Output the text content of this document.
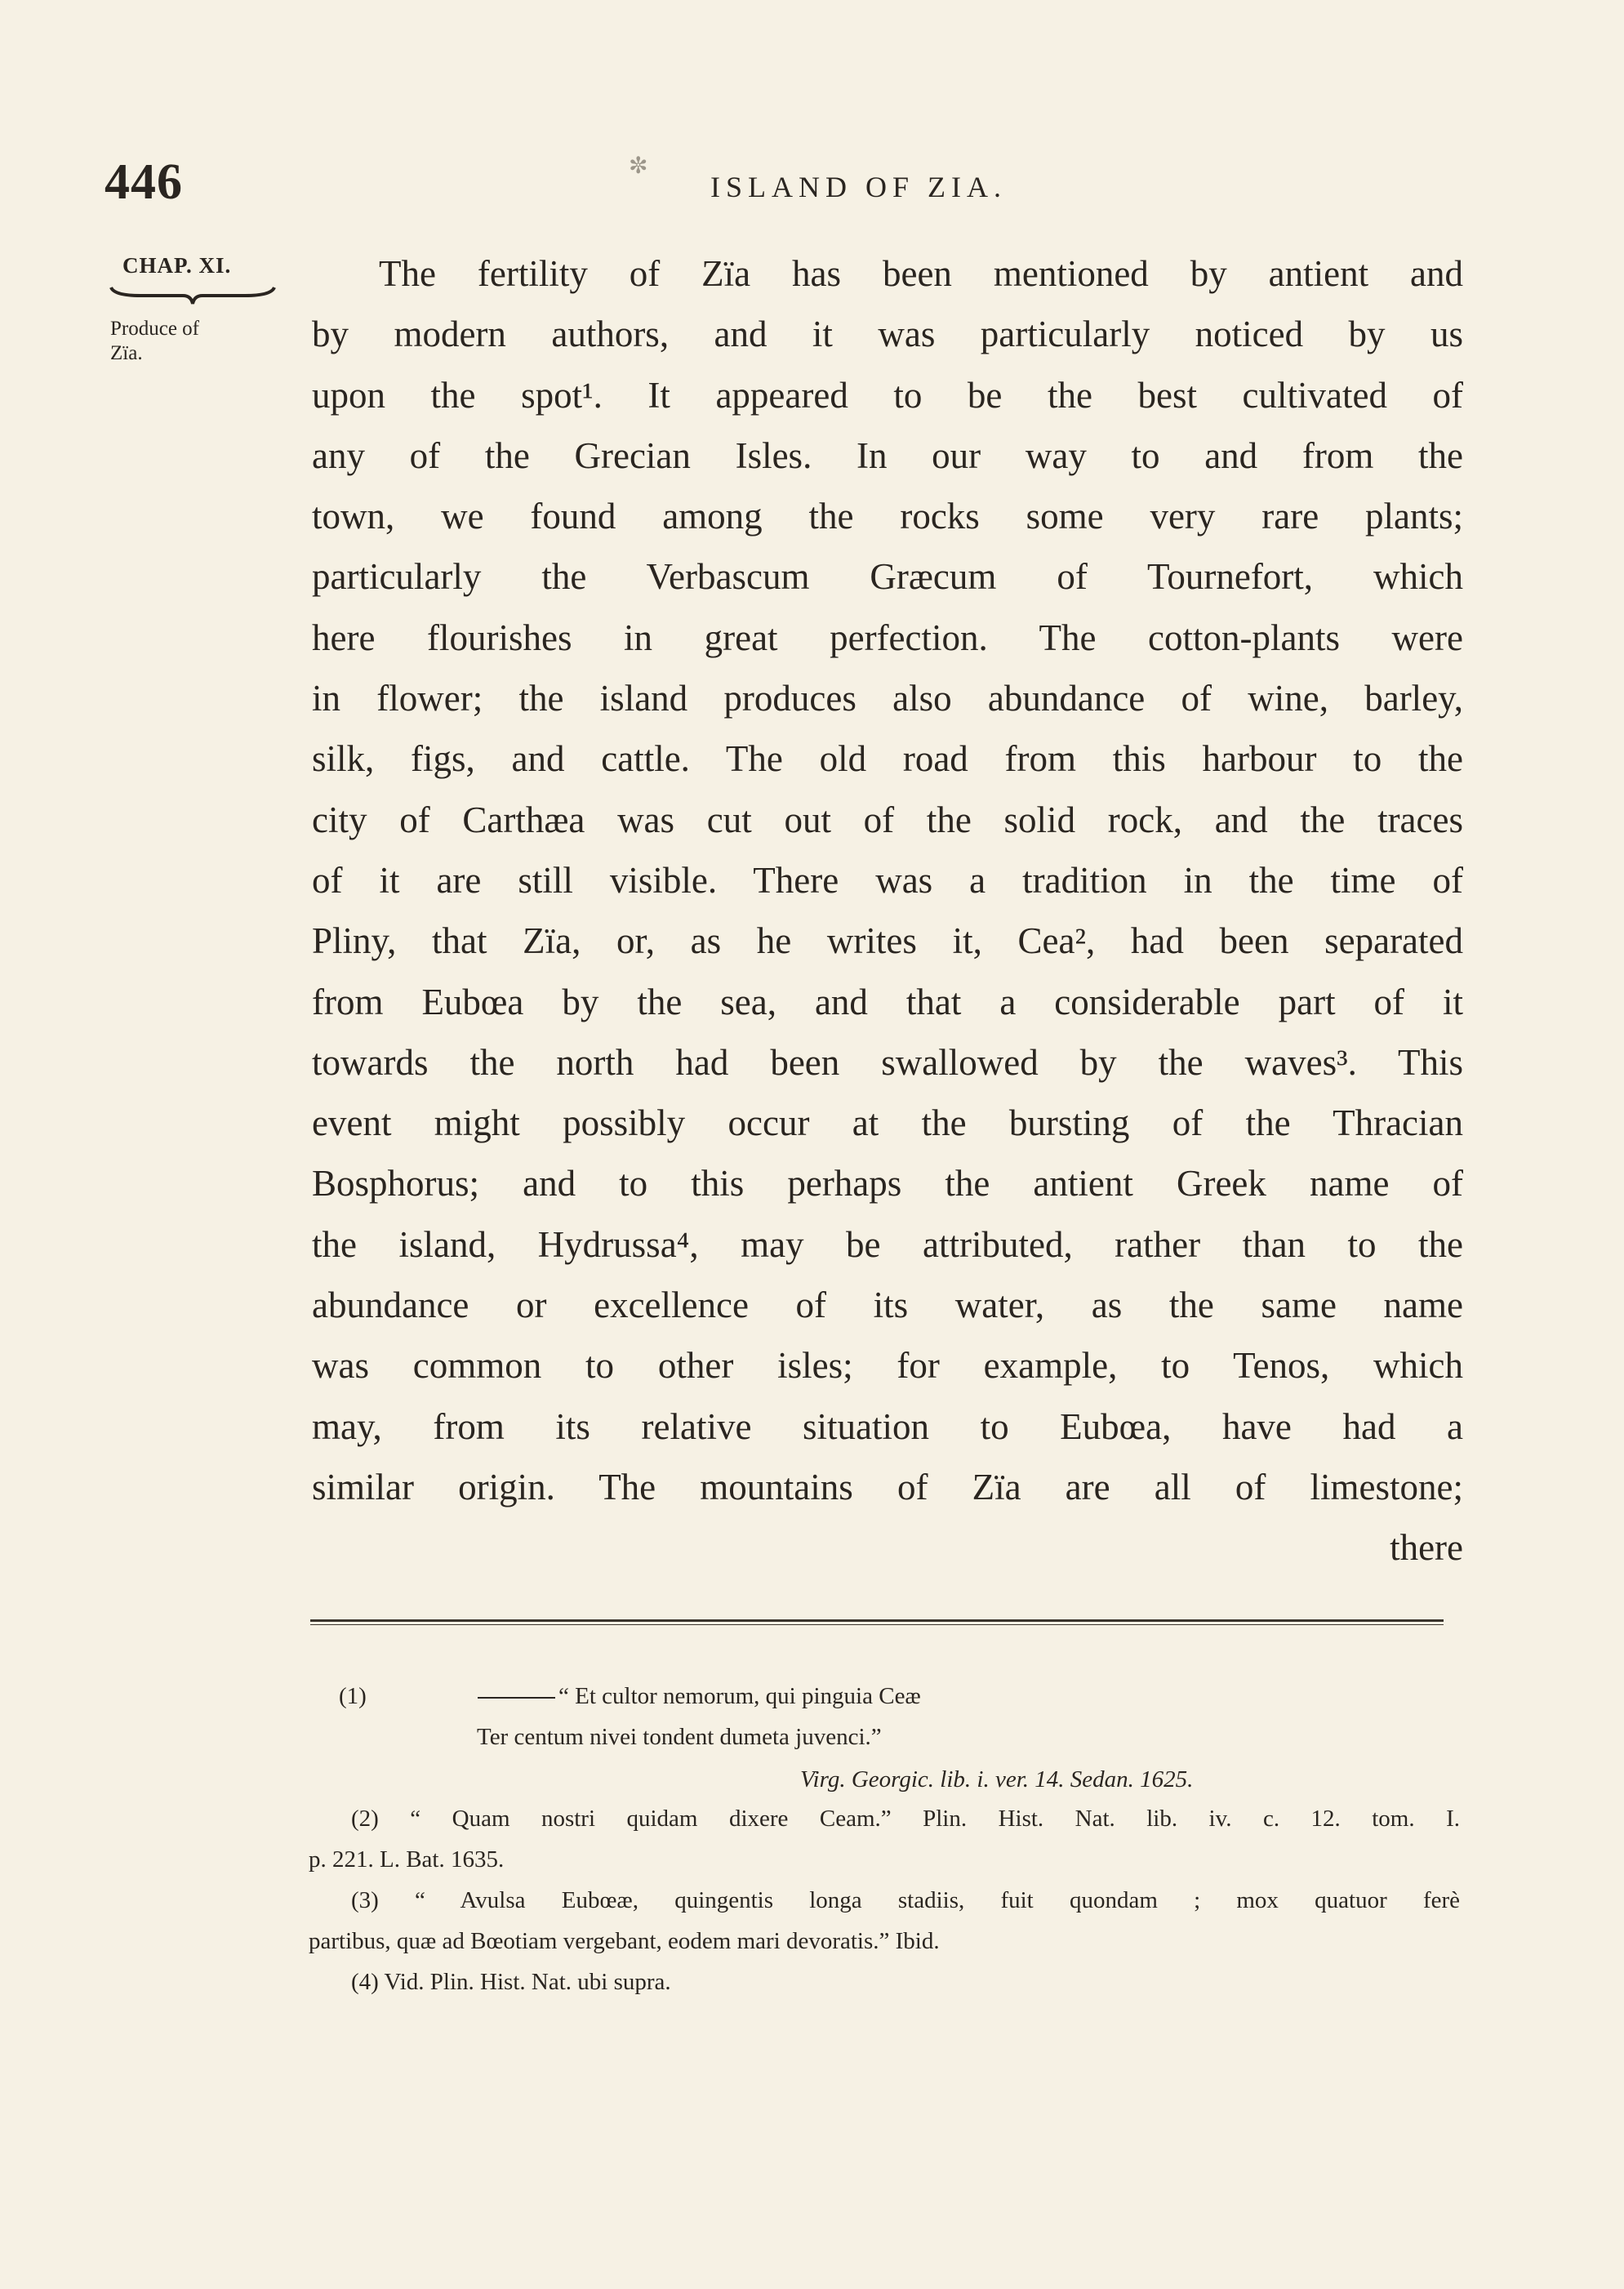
446	✼
ISLAND OF ZIA.
CHAP. XI.
Produce of
Zïa.
The fertility of Zïa has been mentioned by antient and
by modern authors, and it was particularly noticed by us
upon the spot¹. It appeared to be the best cultivated of
any of the Grecian Isles. In our way to and from the
town, we found among the rocks some very rare plants;
particularly the Verbascum Græcum of Tournefort, which
here flourishes in great perfection. The cotton-plants were
in flower; the island produces also abundance of wine, barley,
silk, figs, and cattle. The old road from this harbour to the
city of Carthæa was cut out of the solid rock, and the traces
of it are still visible. There was a tradition in the time of
Pliny, that Zïa, or, as he writes it, Cea², had been separated
from Eubœa by the sea, and that a considerable part of it
towards the north had been swallowed by the waves³. This
event might possibly occur at the bursting of the Thracian
Bosphorus; and to this perhaps the antient Greek name of
the island, Hydrussa⁴, may be attributed, rather than to the
abundance or excellence of its water, as the same name
was common to other isles; for example, to Tenos, which
may, from its relative situation to Eubœa, have had a
similar origin. The mountains of Zïa are all of limestone;
there
(1)	“ Et cultor nemorum, qui pinguia Ceæ
Ter centum nivei tondent dumeta juvenci.”
Virg. Georgic. lib. i. ver. 14. Sedan. 1625.
(2) “ Quam nostri quidam dixere Ceam.” Plin. Hist. Nat. lib. iv. c. 12. tom. I.
p. 221. L. Bat. 1635.
(3) “ Avulsa Eubœæ, quingentis longa stadiis, fuit quondam ; mox quatuor ferè
partibus, quæ ad Bœotiam vergebant, eodem mari devoratis.” Ibid.
(4) Vid. Plin. Hist. Nat. ubi supra.
